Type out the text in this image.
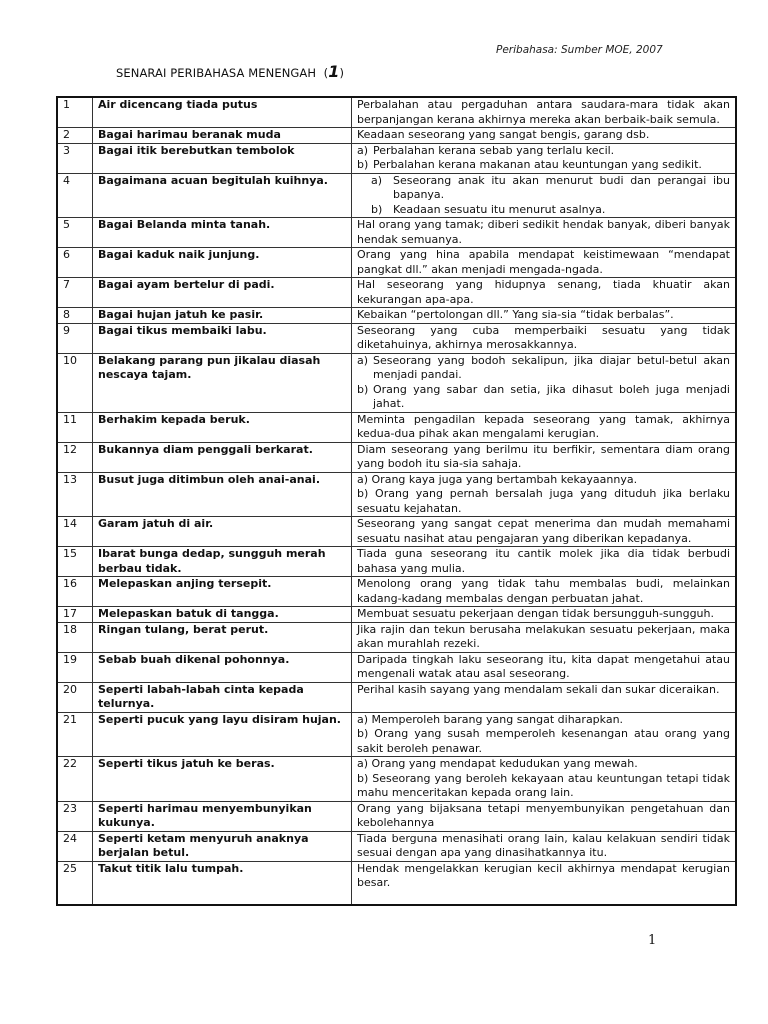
Peribahasa: Sumber MOE, 2007
SENARAI PERIBAHASA MENENGAH (1)
1	Air dicencang tiada putus	Perbalahan atau pergaduhan antara saudara-mara tidak akan berpanjangan kerana akhirnya mereka akan berbaik-baik semula.

2	Bagai harimau beranak muda	Keadaan seseorang yang sangat bengis, garang dsb.

3	Bagai itik berebutkan tembolok	a) Perbalahan kerana sebab yang terlalu kecil.
b) Perbalahan kerana makanan atau keuntungan yang sedikit.

4	Bagaimana acuan begitulah kuihnya.	a) Seseorang anak itu akan menurut budi dan perangai ibu bapanya.
b) Keadaan sesuatu itu menurut asalnya.

5	Bagai Belanda minta tanah.	Hal orang yang tamak; diberi sedikit hendak banyak, diberi banyak hendak semuanya.

6	Bagai kaduk naik junjung.	Orang yang hina apabila mendapat keistimewaan “mendapat pangkat dll.” akan menjadi mengada-ngada.

7	Bagai ayam bertelur di padi.	Hal seseorang yang hidupnya senang, tiada khuatir akan kekurangan apa-apa.

8	Bagai hujan jatuh ke pasir.	Kebaikan “pertolongan dll.” Yang sia-sia “tidak berbalas”.

9	Bagai tikus membaiki labu.	Seseorang yang cuba memperbaiki sesuatu yang tidak diketahuinya, akhirnya merosakkannya.

10	Belakang parang pun jikalau diasah nescaya tajam.	a) Seseorang yang bodoh sekalipun, jika diajar betul-betul akan menjadi pandai.
b) Orang yang sabar dan setia, jika dihasut boleh juga menjadi jahat.

11	Berhakim kepada beruk.	Meminta pengadilan kepada seseorang yang tamak, akhirnya kedua-dua pihak akan mengalami kerugian.

12	Bukannya diam penggali berkarat.	Diam seseorang yang berilmu itu berfikir, sementara diam orang yang bodoh itu sia-sia sahaja.

13	Busut juga ditimbun oleh anai-anai.	a) Orang kaya juga yang bertambah kekayaannya.
b) Orang yang pernah bersalah juga yang dituduh jika berlaku sesuatu kejahatan.

14	Garam jatuh di air.	Seseorang yang sangat cepat menerima dan mudah memahami sesuatu nasihat atau pengajaran yang diberikan kepadanya.

15	Ibarat bunga dedap, sungguh merah berbau tidak.	Tiada guna seseorang itu cantik molek jika dia tidak berbudi bahasa yang mulia.

16	Melepaskan anjing tersepit.	Menolong orang yang tidak tahu membalas budi, melainkan kadang-kadang membalas dengan perbuatan jahat.

17	Melepaskan batuk di tangga.	Membuat sesuatu pekerjaan dengan tidak bersungguh-sungguh.

18	Ringan tulang, berat perut.	Jika rajin dan tekun berusaha melakukan sesuatu pekerjaan, maka akan murahlah rezeki.

19	Sebab buah dikenal pohonnya.	Daripada tingkah laku seseorang itu, kita dapat mengetahui atau mengenali watak atau asal seseorang.

20	Seperti labah-labah cinta kepada telurnya.	Perihal kasih sayang yang mendalam sekali dan sukar diceraikan.

21	Seperti pucuk yang layu disiram hujan.	a) Memperoleh barang yang sangat diharapkan.
b) Orang yang susah memperoleh kesenangan atau orang yang sakit beroleh penawar.

22	Seperti tikus jatuh ke beras.	a) Orang yang mendapat kedudukan yang mewah.
b) Seseorang yang beroleh kekayaan atau keuntungan tetapi tidak mahu menceritakan kepada orang lain.

23	Seperti harimau menyembunyikan kukunya.	Orang yang bijaksana tetapi menyembunyikan pengetahuan dan kebolehannya

24	Seperti ketam menyuruh anaknya berjalan betul.	Tiada berguna menasihati orang lain, kalau kelakuan sendiri tidak sesuai dengan apa yang dinasihatkannya itu.

25	Takut titik lalu tumpah.	Hendak mengelakkan kerugian kecil akhirnya mendapat kerugian besar.
1
